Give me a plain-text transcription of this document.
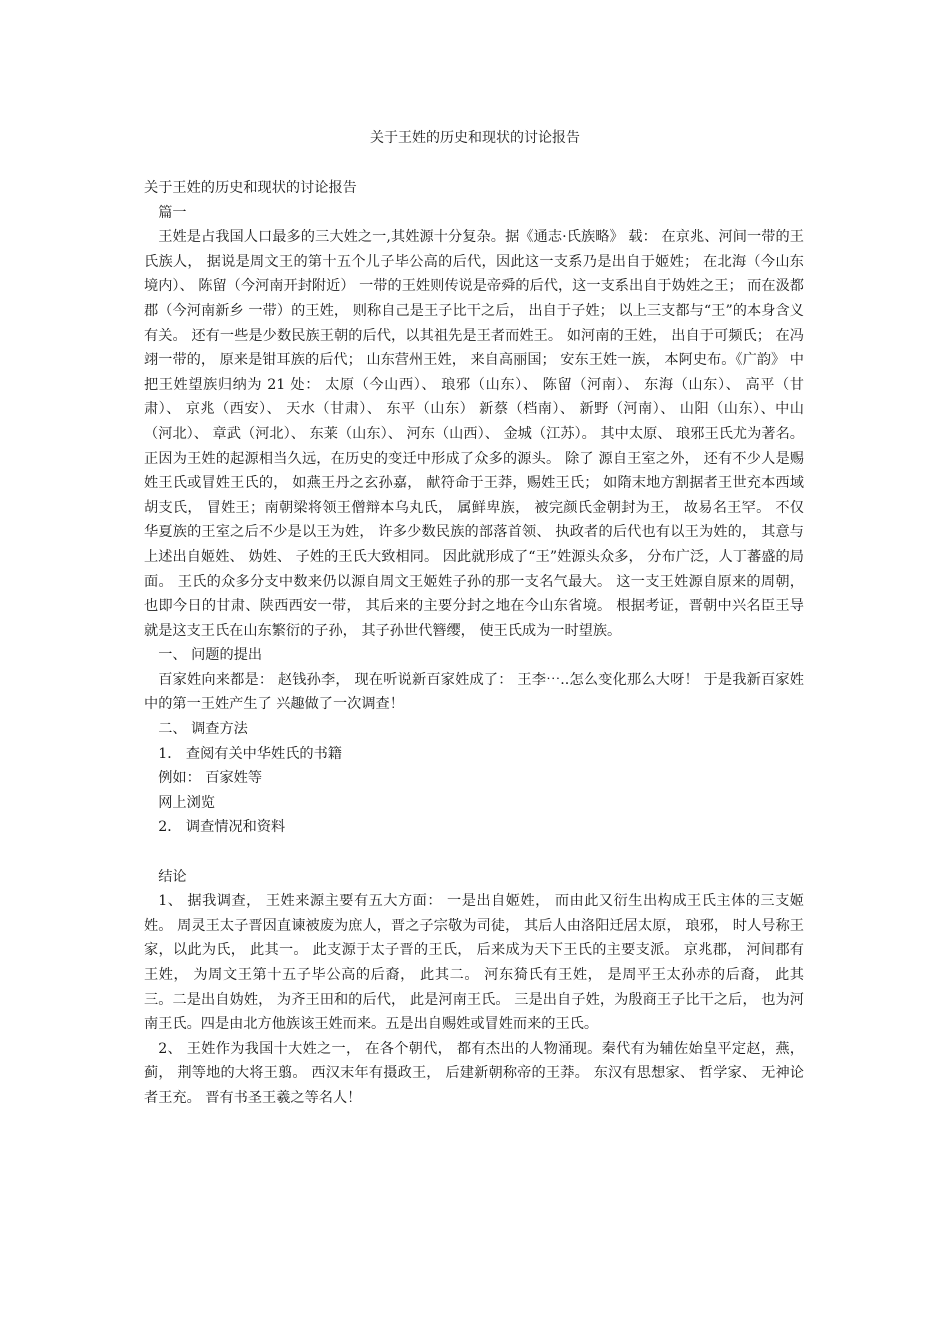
关于王姓的历史和现状的讨论报告

关于王姓的历史和现状的讨论报告

篇一

王姓是占我国人口最多的三大姓之一,其姓源十分复杂。据《通志·氏族略》 载： 在京兆、河间一带的王氏族人， 据说是周文王的第十五个儿子毕公高的后代，因此这一支系乃是出自于姬姓； 在北海（今山东境内）、 陈留（今河南开封附近） 一带的王姓则传说是帝舜的后代，这一支系出自于妫姓之王； 而在汲都郡（今河南新乡 一带）的王姓， 则称自己是王子比干之后， 出自于子姓； 以上三支都与“王”的本身含义有关。 还有一些是少数民族王朝的后代，以其祖先是王者而姓王。 如河南的王姓， 出自于可频氏； 在冯翊一带的， 原来是钳耳族的后代； 山东营州王姓， 来自高丽国； 安东王姓一族， 本阿史布。《广韵》 中把王姓望族归纳为 21 处： 太原（今山西）、 琅邪（山东）、 陈留（河南）、 东海（山东）、 高平（甘肃）、 京兆（西安）、 天水（甘肃）、 东平（山东） 新蔡（档南）、 新野（河南）、 山阳（山东）、中山（河北）、 章武（河北）、 东莱（山东）、 河东（山西）、 金城（江苏）。 其中太原、 琅邪王氏尤为著名。 正因为王姓的起源相当久远，在历史的变迁中形成了众多的源头。 除了 源自王室之外， 还有不少人是赐姓王氏或冒姓王氏的， 如燕王丹之玄孙嘉， 献符命于王莽，赐姓王氏； 如隋末地方割据者王世充本西域胡支氏， 冒姓王；南朝梁将领王僧辩本乌丸氏， 属鲜卑族， 被完颜氏金朝封为王， 故易名王罕。 不仅华夏族的王室之后不少是以王为姓， 许多少数民族的部落首领、 执政者的后代也有以王为姓的， 其意与上述出自姬姓、 妫姓、 子姓的王氏大致相同。 因此就形成了“王”姓源头众多， 分布广泛，人丁蕃盛的局面。 王氏的众多分支中数来仍以源自周文王姬姓子孙的那一支名气最大。 这一支王姓源自原来的周朝，也即今日的甘肃、陕西西安一带， 其后来的主要分封之地在今山东省境。 根据考证，晋朝中兴名臣王导就是这支王氏在山东繁衍的子孙， 其子孙世代簪缨， 使王氏成为一时望族。

一、 问题的提出

百家姓向来都是： 赵钱孙李， 现在听说新百家姓成了： 王李⋯..怎么变化那么大呀！ 于是我新百家姓中的第一王姓产生了 兴趣做了一次调查！

二、 调查方法

1． 查阅有关中华姓氏的书籍

例如： 百家姓等

网上浏览

2． 调查情况和资料

结论

1、 据我调查， 王姓来源主要有五大方面： 一是出自姬姓， 而由此又衍生出构成王氏主体的三支姬姓。 周灵王太子晋因直谏被废为庶人，晋之子宗敬为司徒， 其后人由洛阳迁居太原， 琅邪， 时人号称王家，以此为氏， 此其一。 此支源于太子晋的王氏， 后来成为天下王氏的主要支派。 京兆郡， 河间郡有王姓， 为周文王第十五子毕公高的后裔， 此其二。 河东猗氏有王姓， 是周平王太孙赤的后裔， 此其三。二是出自妫姓， 为齐王田和的后代， 此是河南王氏。 三是出自子姓，为殷商王子比干之后， 也为河南王氏。四是由北方他族该王姓而来。五是出自赐姓或冒姓而来的王氏。

2、 王姓作为我国十大姓之一， 在各个朝代， 都有杰出的人物涌现。秦代有为辅佐始皇平定赵，燕， 蓟， 荆等地的大将王翦。 西汉末年有摄政王， 后建新朝称帝的王莽。 东汉有思想家、 哲学家、 无神论者王充。 晋有书圣王羲之等名人！
